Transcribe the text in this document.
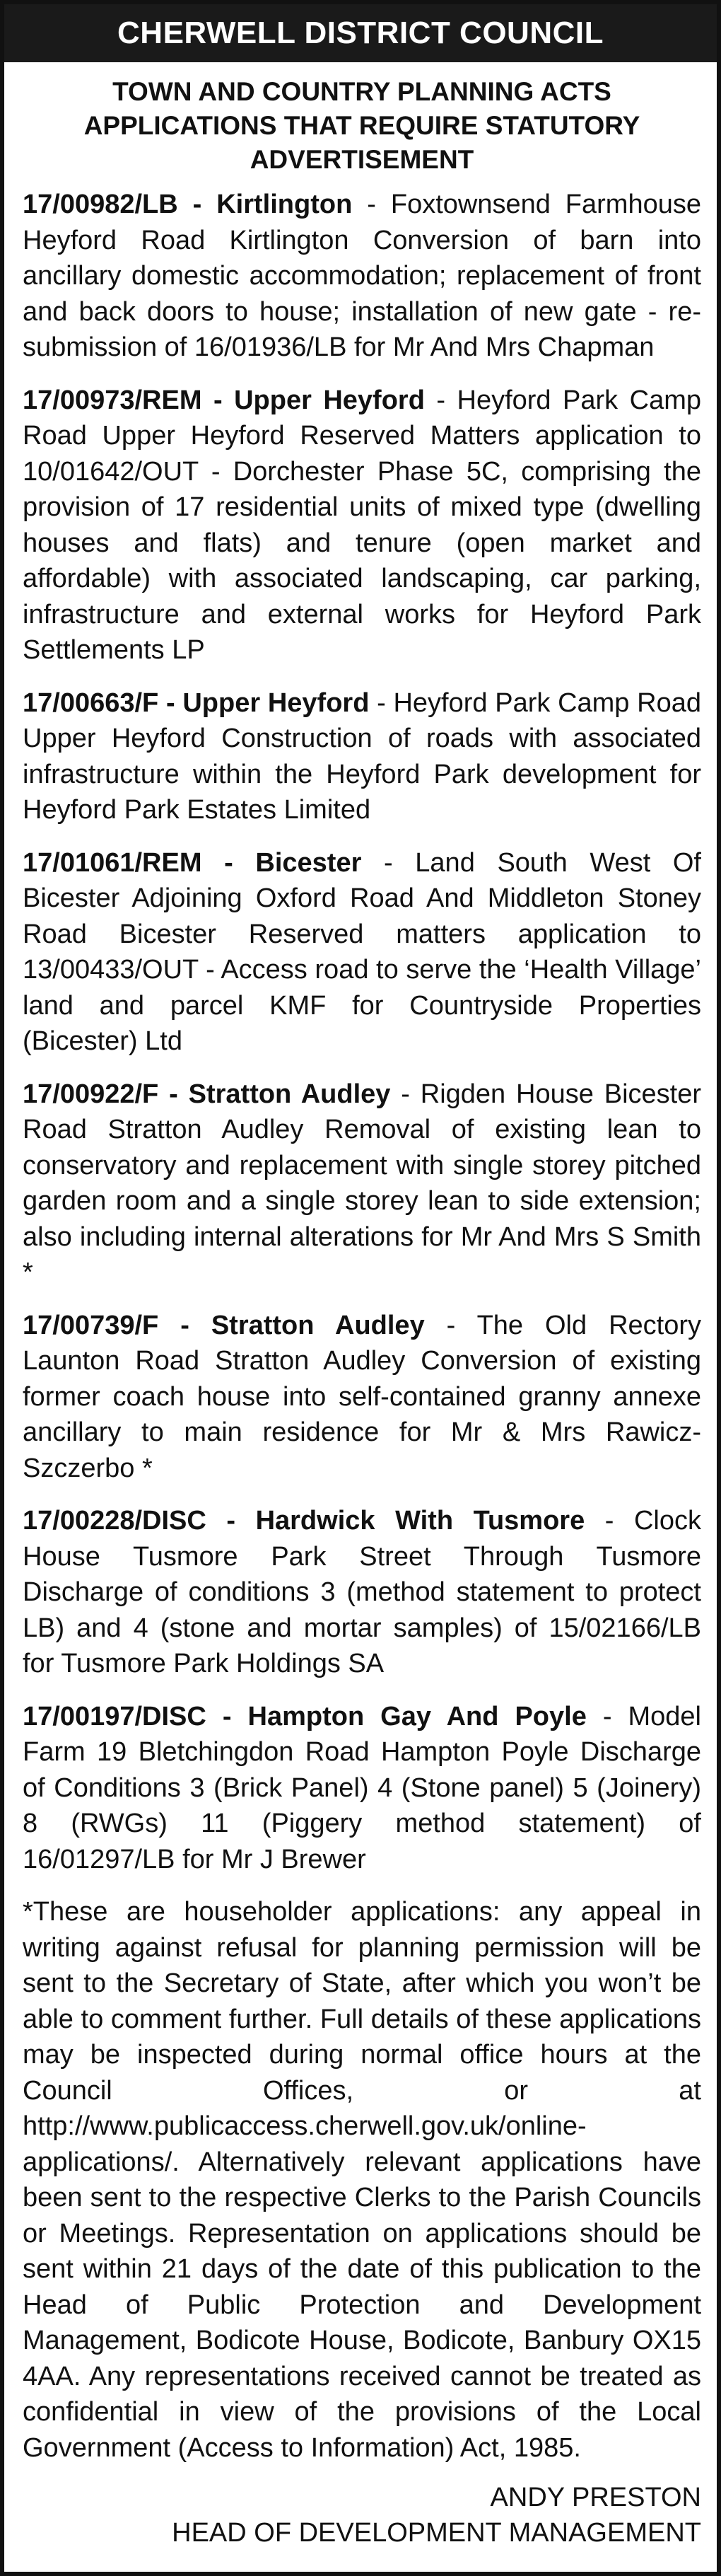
CHERWELL DISTRICT COUNCIL
TOWN AND COUNTRY PLANNING ACTS
APPLICATIONS THAT REQUIRE STATUTORY
ADVERTISEMENT

17/00982/LB - Kirtlington - Foxtownsend Farmhouse Heyford Road Kirtlington Conversion of barn into ancillary domestic accommodation; replacement of front and back doors to house; installation of new gate - re-submission of 16/01936/LB for Mr And Mrs Chapman

17/00973/REM - Upper Heyford - Heyford Park Camp Road Upper Heyford Reserved Matters application to 10/01642/OUT - Dorchester Phase 5C, comprising the provision of 17 residential units of mixed type (dwelling houses and flats) and tenure (open market and affordable) with associated landscaping, car parking, infrastructure and external works for Heyford Park Settlements LP

17/00663/F - Upper Heyford - Heyford Park Camp Road Upper Heyford Construction of roads with associated infrastructure within the Heyford Park development for Heyford Park Estates Limited

17/01061/REM - Bicester - Land South West Of Bicester Adjoining Oxford Road And Middleton Stoney Road Bicester Reserved matters application to 13/00433/OUT - Access road to serve the ‘Health Village’ land and parcel KMF for Countryside Properties (Bicester) Ltd

17/00922/F - Stratton Audley - Rigden House Bicester Road Stratton Audley Removal of existing lean to conservatory and replacement with single storey pitched garden room and a single storey lean to side extension; also including internal alterations for Mr And Mrs S Smith *

17/00739/F - Stratton Audley - The Old Rectory Launton Road Stratton Audley Conversion of existing former coach house into self-contained granny annexe ancillary to main residence for Mr & Mrs Rawicz-Szczerbo *

17/00228/DISC - Hardwick With Tusmore - Clock House Tusmore Park Street Through Tusmore Discharge of conditions 3 (method statement to protect LB) and 4 (stone and mortar samples) of 15/02166/LB for Tusmore Park Holdings SA

17/00197/DISC - Hampton Gay And Poyle - Model Farm 19 Bletchingdon Road Hampton Poyle Discharge of Conditions 3 (Brick Panel) 4 (Stone panel) 5 (Joinery) 8 (RWGs) 11 (Piggery method statement) of 16/01297/LB for Mr J Brewer

*These are householder applications: any appeal in writing against refusal for planning permission will be sent to the Secretary of State, after which you won’t be able to comment further. Full details of these applications may be inspected during normal office hours at the Council Offices, or at http://www.publicaccess.cherwell.gov.uk/online-applications/. Alternatively relevant applications have been sent to the respective Clerks to the Parish Councils or Meetings. Representation on applications should be sent within 21 days of the date of this publication to the Head of Public Protection and Development Management, Bodicote House, Bodicote, Banbury OX15 4AA. Any representations received cannot be treated as confidential in view of the provisions of the Local Government (Access to Information) Act, 1985.

ANDY PRESTON
HEAD OF DEVELOPMENT MANAGEMENT
